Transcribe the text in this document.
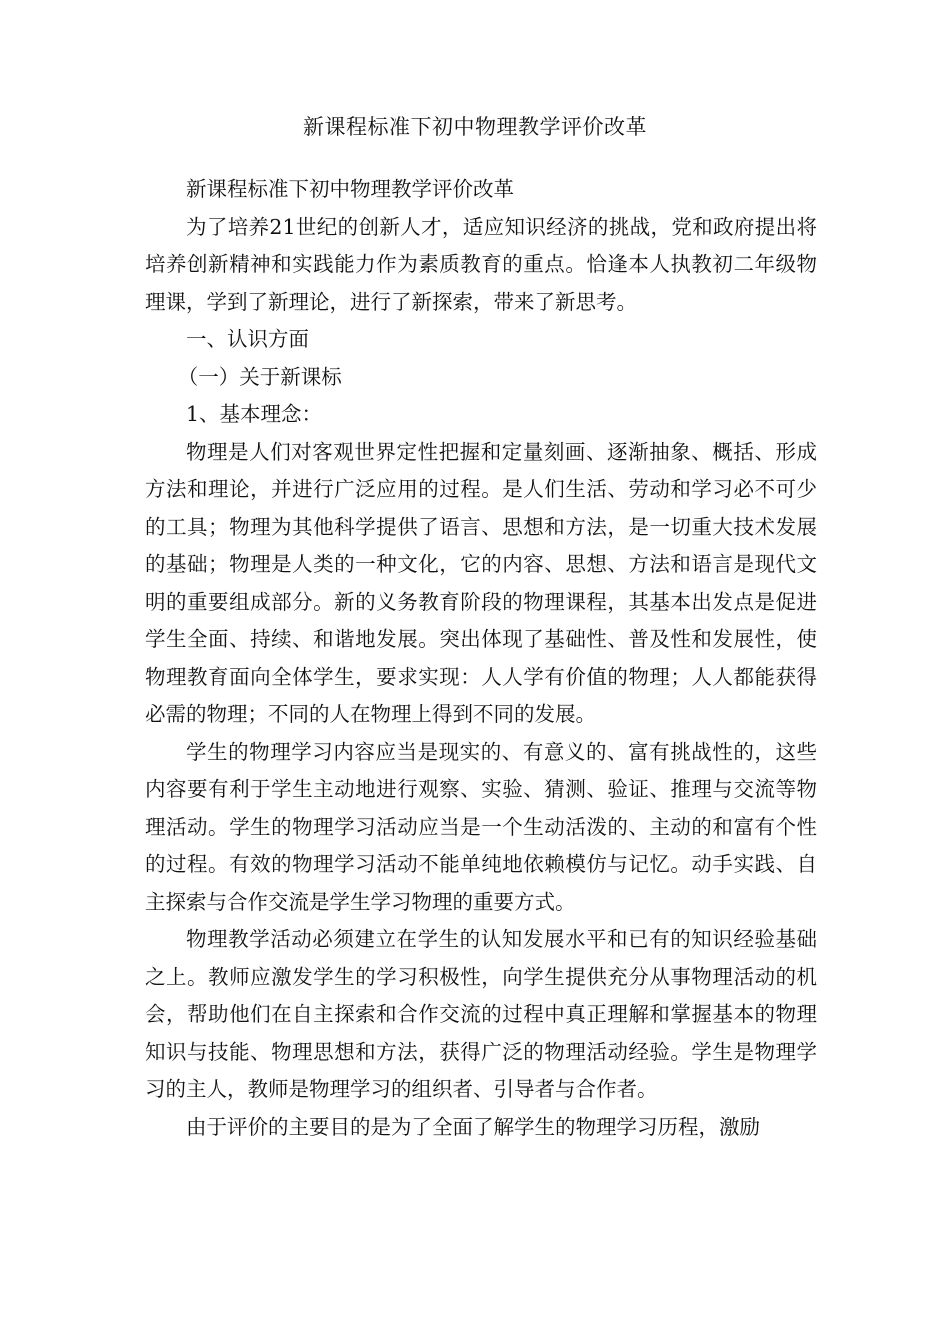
新课程标准下初中物理教学评价改革

新课程标准下初中物理教学评价改革

为了培养21世纪的创新人才，适应知识经济的挑战，党和政府提出将培养创新精神和实践能力作为素质教育的重点。恰逢本人执教初二年级物理课，学到了新理论，进行了新探索，带来了新思考。

一、认识方面

（一）关于新课标

1、基本理念：

物理是人们对客观世界定性把握和定量刻画、逐渐抽象、概括、形成方法和理论，并进行广泛应用的过程。是人们生活、劳动和学习必不可少的工具；物理为其他科学提供了语言、思想和方法，是一切重大技术发展的基础；物理是人类的一种文化，它的内容、思想、方法和语言是现代文明的重要组成部分。新的义务教育阶段的物理课程，其基本出发点是促进学生全面、持续、和谐地发展。突出体现了基础性、普及性和发展性，使物理教育面向全体学生，要求实现：人人学有价值的物理；人人都能获得必需的物理；不同的人在物理上得到不同的发展。

学生的物理学习内容应当是现实的、有意义的、富有挑战性的，这些内容要有利于学生主动地进行观察、实验、猜测、验证、推理与交流等物理活动。学生的物理学习活动应当是一个生动活泼的、主动的和富有个性的过程。有效的物理学习活动不能单纯地依赖模仿与记忆。动手实践、自主探索与合作交流是学生学习物理的重要方式。

物理教学活动必须建立在学生的认知发展水平和已有的知识经验基础之上。教师应激发学生的学习积极性，向学生提供充分从事物理活动的机会，帮助他们在自主探索和合作交流的过程中真正理解和掌握基本的物理知识与技能、物理思想和方法，获得广泛的物理活动经验。学生是物理学习的主人，教师是物理学习的组织者、引导者与合作者。

由于评价的主要目的是为了全面了解学生的物理学习历程，激励
